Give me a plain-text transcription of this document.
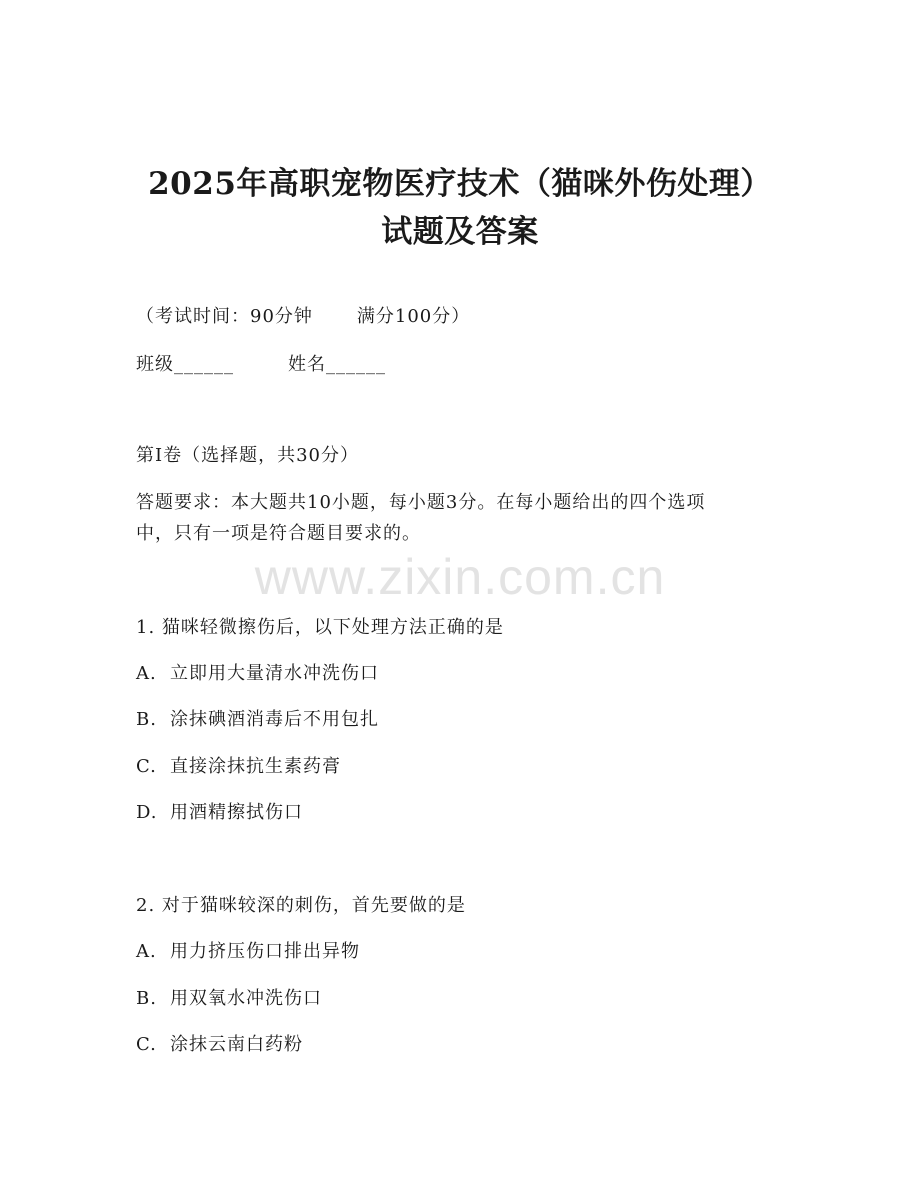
2025年高职宠物医疗技术（猫咪外伤处理）
试题及答案
（考试时间：90分钟 满分100分）
班级______	姓名______
第Ⅰ卷（选择题，共30分）
答题要求：本大题共10小题，每小题3分。在每小题给出的四个选项
中，只有一项是符合题目要求的。
www.zixin.com.cn
1. 猫咪轻微擦伤后，以下处理方法正确的是
A. 立即用大量清水冲洗伤口
B. 涂抹碘酒消毒后不用包扎
C. 直接涂抹抗生素药膏
D. 用酒精擦拭伤口
2. 对于猫咪较深的刺伤，首先要做的是
A. 用力挤压伤口排出异物
B. 用双氧水冲洗伤口
C. 涂抹云南白药粉
